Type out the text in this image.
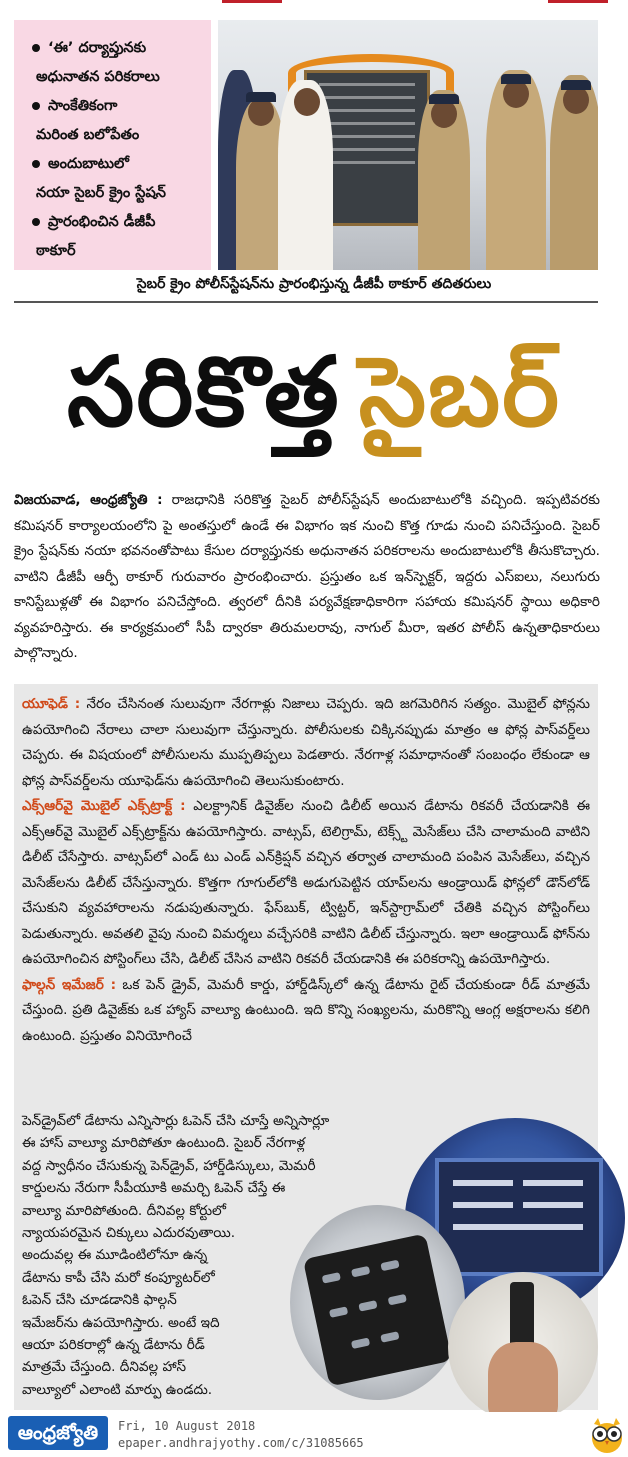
‘ఈ’ దర్యాప్తునకు
అధునాతన పరికరాలు
సాంకేతికంగా
మరింత బలోపేతం
అందుబాటులో
నయా సైబర్ క్రైం స్టేషన్
ప్రారంభించిన డీజీపీ
ఠాకూర్
సైబర్ క్రైం పోలీస్‌స్టేషన్‌ను ప్రారంభిస్తున్న డీజీపీ ఠాకూర్ తదితరులు
సరికొత్త సైబర్
విజయవాడ, ఆంధ్రజ్యోతి : రాజధానికి సరికొత్త సైబర్ పోలీస్‌స్టేషన్ అందుబాటులోకి వచ్చింది. ఇప్పటివరకు కమిషనర్ కార్యాలయంలోని పై అంతస్తులో ఉండే ఈ విభాగం ఇక నుంచి కొత్త గూడు నుంచి పనిచేస్తుంది. సైబర్ క్రైం స్టేషన్‌కు నయా భవనంతోపాటు కేసుల దర్యాప్తునకు అధునాతన పరికరాలను అందుబాటులోకి తీసుకొచ్చారు. వాటిని డీజీపీ ఆర్పీ ఠాకూర్ గురువారం ప్రారంభించారు. ప్రస్తుతం ఒక ఇన్‌స్పెక్టర్, ఇద్దరు ఎస్ఐలు, నలుగురు కానిస్టేబుళ్లతో ఈ విభాగం పనిచేస్తోంది. త్వరలో దీనికి పర్యవేక్షణాధికారిగా సహాయ కమిషనర్ స్థాయి అధికారి వ్యవహరిస్తారు. ఈ కార్యక్రమంలో సీపీ ద్వారకా తిరుమలరావు, నాగుల్ మీరా, ఇతర పోలీస్ ఉన్నతాధికారులు పాల్గొన్నారు.
యూఫెడ్ : నేరం చేసినంత సులువుగా నేరగాళ్లు నిజాలు చెప్పరు. ఇది జగమెరిగిన సత్యం. మొబైల్ ఫోన్లను ఉపయోగించి నేరాలు చాలా సులువుగా చేస్తున్నారు. పోలీసులకు చిక్కినప్పుడు మాత్రం ఆ ఫోన్ల పాస్‌వర్డ్‌లు చెప్పరు. ఈ విషయంలో పోలీసులను ముప్పతిప్పలు పెడతారు. నేరగాళ్ల సమాధానంతో సంబంధం లేకుండా ఆ ఫోన్ల పాస్‌వర్డ్‌లను యూఫెడ్‌ను ఉపయోగించి తెలుసుకుంటారు.
ఎక్స్‌ఆర్‌వై మొబైల్ ఎక్స్‌ట్రాక్ట్ : ఎలక్ట్రానిక్ డివైజ్‌ల నుంచి డిలీట్ అయిన డేటాను రికవరీ చేయడానికి ఈ ఎక్స్‌ఆర్‌వై మొబైల్ ఎక్స్‌ట్రాక్ట్‌ను ఉపయోగిస్తారు. వాట్సప్, టెలిగ్రామ్, టెక్స్ట్ మెసేజ్‌లు చేసి చాలామంది వాటిని డిలీట్ చేసేస్తారు. వాట్సప్‌లో ఎండ్ టు ఎండ్ ఎన్‌క్రిప్షన్ వచ్చిన తర్వాత చాలామంది పంపిన మెసేజ్‌లు, వచ్చిన మెసేజ్‌లను డిలీట్ చేసేస్తున్నారు. కొత్తగా గూగుల్‌లోకి అడుగుపెట్టిన యాప్‌లను ఆండ్రాయిడ్ ఫోన్లలో డౌన్‌లోడ్ చేసుకుని వ్యవహారాలను నడుపుతున్నారు. ఫేస్‌బుక్, ట్విట్టర్, ఇన్‌స్టాగ్రామ్‌లో చేతికి వచ్చిన పోస్టింగ్‌లు పెడుతున్నారు. అవతలి వైపు నుంచి విమర్శలు వచ్చేసరికి వాటిని డిలీట్ చేస్తున్నారు. ఇలా ఆండ్రాయిడ్ ఫోన్‌ను ఉపయోగించిన పోస్టింగ్‌లు చేసి, డిలీట్ చేసిన వాటిని రికవరీ చేయడానికి ఈ పరికరాన్ని ఉపయోగిస్తారు.
ఫాల్గన్ ఇమేజర్ : ఒక పెన్ డ్రైవ్, మెమరీ కార్డు, హార్డ్‌డిస్క్‌లో ఉన్న డేటాను రైట్ చేయకుండా రీడ్ మాత్రమే చేస్తుంది. ప్రతి డివైజ్‌కు ఒక హ్యాస్ వాల్యూ ఉంటుంది. ఇది కొన్ని సంఖ్యలను, మరికొన్ని ఆంగ్ల అక్షరాలను కలిగి ఉంటుంది. ప్రస్తుతం వినియోగించే
పెన్‌డ్రైవ్‌లో డేటాను ఎన్నిసార్లు ఓపెన్ చేసి చూస్తే అన్నిసార్లూ
ఈ హాస్ వాల్యూ మారిపోతూ ఉంటుంది. సైబర్ నేరగాళ్ల
వద్ద స్వాధీనం చేసుకున్న పెన్‌డ్రైవ్, హార్డ్‌డిస్కులు, మెమరీ
కార్డులను నేరుగా సీపీయూకి అమర్చి ఓపెన్ చేస్తే ఈ
వాల్యూ మారిపోతుంది. దీనివల్ల కోర్టులో
న్యాయపరమైన చిక్కులు ఎదురవుతాయి.
అందువల్ల ఈ మూడింటిలోనూ ఉన్న
డేటాను కాపీ చేసి మరో కంప్యూటర్‌లో
ఓపెన్ చేసి చూడడానికి ఫాల్గన్
ఇమేజర్‌ను ఉపయోగిస్తారు. అంటే ఇది
ఆయా పరికరాల్లో ఉన్న డేటాను రీడ్
మాత్రమే చేస్తుంది. దీనివల్ల హాస్
వాల్యూలో ఎలాంటి మార్పు ఉండదు.
ఆంధ్రజ్యోతి	Fri, 10 August 2018
epaper.andhrajyothy.com/c/31085665
